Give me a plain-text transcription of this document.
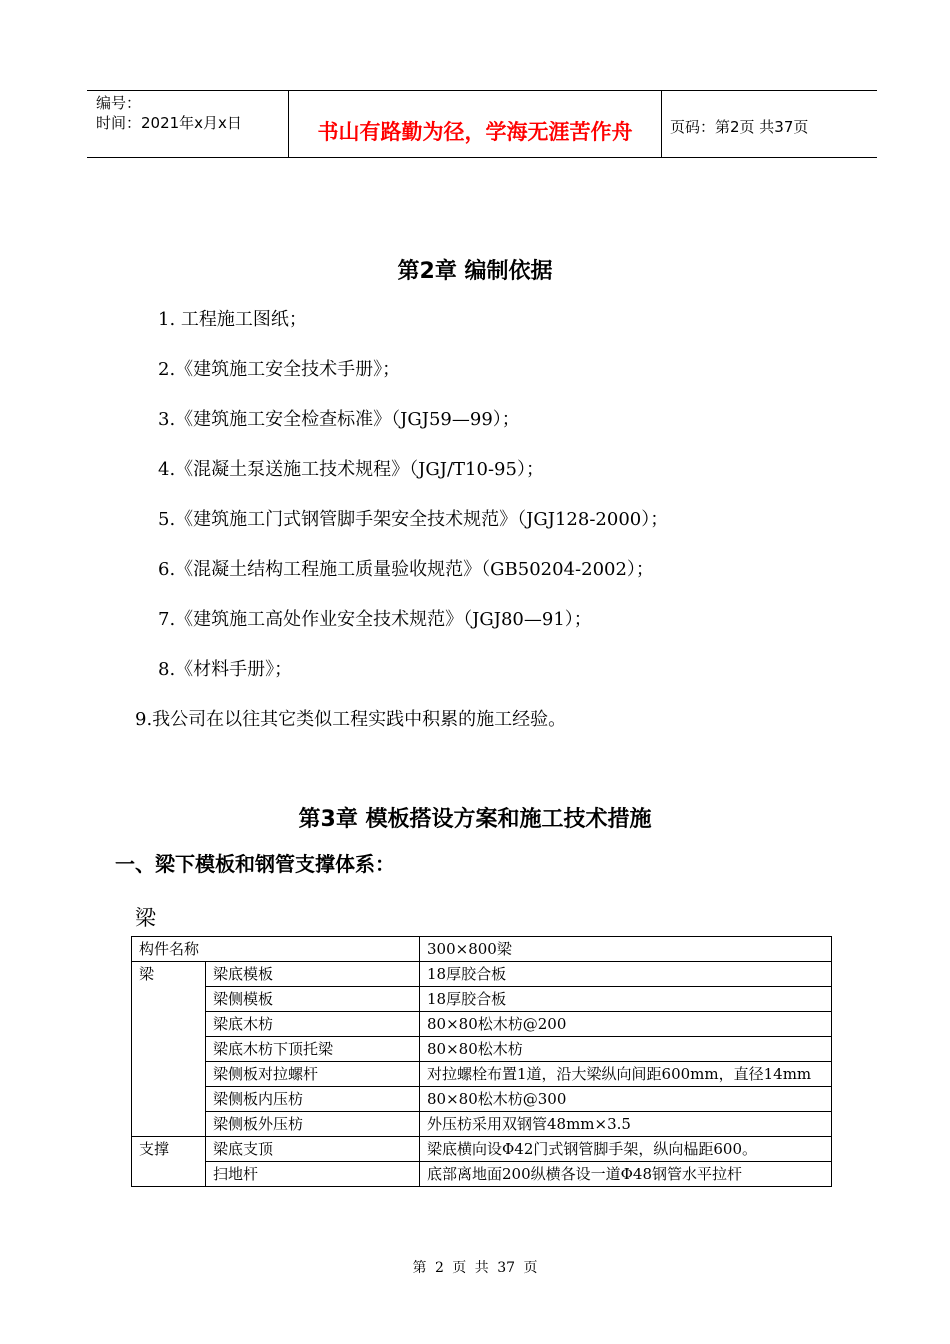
编号：
时间：2021年x月x日	书山有路勤为径，学海无涯苦作舟	页码：第2页 共37页
第2章 编制依据
1. 工程施工图纸；
2.《建筑施工安全技术手册》；
3.《建筑施工安全检查标准》（JGJ59—99）；
4.《混凝土泵送施工技术规程》（JGJ/T10-95）；
5.《建筑施工门式钢管脚手架安全技术规范》（JGJ128-2000）；
6.《混凝土结构工程施工质量验收规范》（GB50204-2002）；
7.《建筑施工高处作业安全技术规范》（JGJ80—91）；
8.《材料手册》；
9.我公司在以往其它类似工程实践中积累的施工经验。
第3章 模板搭设方案和施工技术措施
一、梁下模板和钢管支撑体系：
梁
构件名称		300×800梁
梁	梁底模板	18厚胶合板
	梁侧模板	18厚胶合板
	梁底木枋	80×80松木枋@200
	梁底木枋下顶托梁	80×80松木枋
	梁侧板对拉螺杆	对拉螺栓布置1道，沿大梁纵向间距600mm，直径14mm
	梁侧板内压枋	80×80松木枋@300
	梁侧板外压枋	外压枋采用双钢管48mm×3.5
支撑	梁底支顶	梁底横向设Φ42门式钢管脚手架，纵向榀距600。
	扫地杆	底部离地面200纵横各设一道Φ48钢管水平拉杆
第 2 页 共 37 页
